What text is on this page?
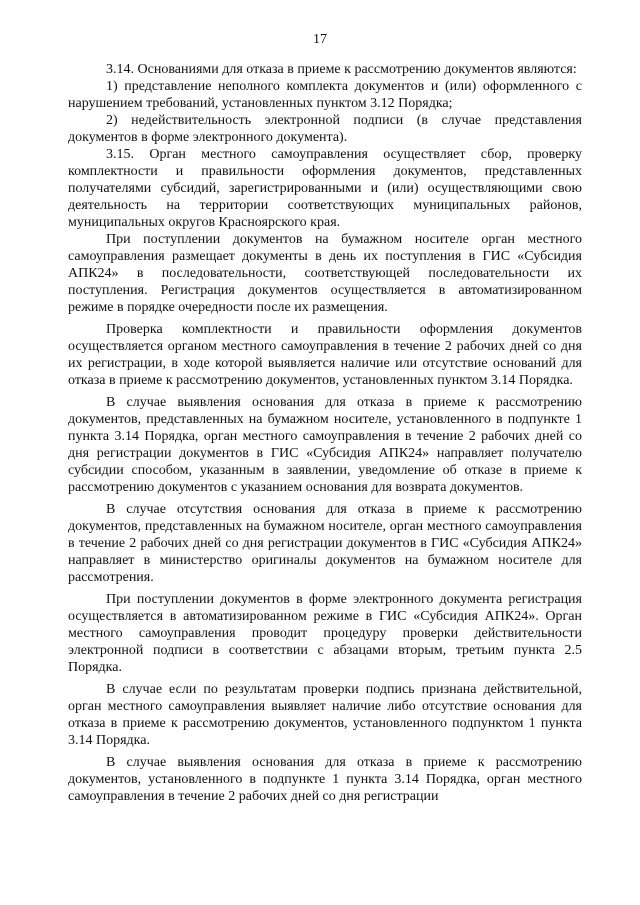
17

3.14. Основаниями для отказа в приеме к рассмотрению документов являются:

1) представление неполного комплекта документов и (или) оформленного с нарушением требований, установленных пунктом 3.12 Порядка;

2) недействительность электронной подписи (в случае представления документов в форме электронного документа).

3.15. Орган местного самоуправления осуществляет сбор, проверку комплектности и правильности оформления документов, представленных получателями субсидий, зарегистрированными и (или) осуществляющими свою деятельность на территории соответствующих муниципальных районов, муниципальных округов Красноярского края.

При поступлении документов на бумажном носителе орган местного самоуправления размещает документы в день их поступления в ГИС «Субсидия АПК24» в последовательности, соответствующей последовательности их поступления. Регистрация документов осуществляется в автоматизированном режиме в порядке очередности после их размещения.

Проверка комплектности и правильности оформления документов осуществляется органом местного самоуправления в течение 2 рабочих дней со дня их регистрации, в ходе которой выявляется наличие или отсутствие оснований для отказа в приеме к рассмотрению документов, установленных пунктом 3.14 Порядка.

В случае выявления основания для отказа в приеме к рассмотрению документов, представленных на бумажном носителе, установленного в подпункте 1 пункта 3.14 Порядка, орган местного самоуправления в течение 2 рабочих дней со дня регистрации документов в ГИС «Субсидия АПК24» направляет получателю субсидии способом, указанным в заявлении, уведомление об отказе в приеме к рассмотрению документов с указанием основания для возврата документов.

В случае отсутствия основания для отказа в приеме к рассмотрению документов, представленных на бумажном носителе, орган местного самоуправления в течение 2 рабочих дней со дня регистрации документов в ГИС «Субсидия АПК24» направляет в министерство оригиналы документов на бумажном носителе для рассмотрения.

При поступлении документов в форме электронного документа регистрация осуществляется в автоматизированном режиме в ГИС «Субсидия АПК24». Орган местного самоуправления проводит процедуру проверки действительности электронной подписи в соответствии с абзацами вторым, третьим пункта 2.5 Порядка.

В случае если по результатам проверки подпись признана действительной, орган местного самоуправления выявляет наличие либо отсутствие основания для отказа в приеме к рассмотрению документов, установленного подпунктом 1 пункта 3.14 Порядка.

В случае выявления основания для отказа в приеме к рассмотрению документов, установленного в подпункте 1 пункта 3.14 Порядка, орган местного самоуправления в течение 2 рабочих дней со дня регистрации
